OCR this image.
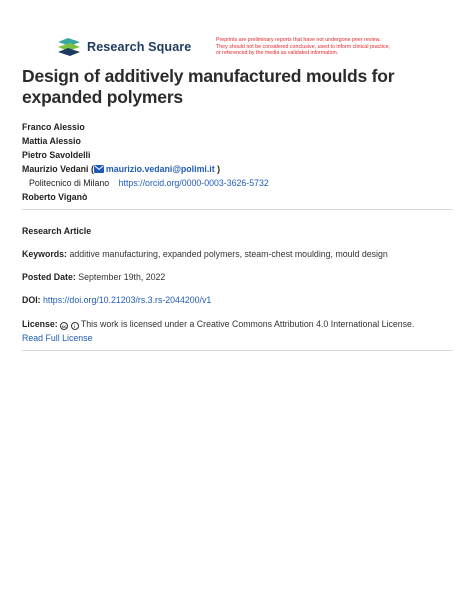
Research Square	Preprints are preliminary reports that have not undergone peer review.
They should not be considered conclusive, used to inform clinical practice,
or referenced by the media as validated information.
Design of additively manufactured moulds for expanded polymers
Franco Alessio
Mattia Alessio
Pietro Savoldelli
Maurizio Vedani ( maurizio.vedani@polimi.it )
Politecnico di Milano https://orcid.org/0000-0003-3626-5732
Roberto Viganò
Research Article
Keywords: additive manufacturing, expanded polymers, steam-chest moulding, mould design
Posted Date: September 19th, 2022
DOI: https://doi.org/10.21203/rs.3.rs-2044200/v1
License: cc i This work is licensed under a Creative Commons Attribution 4.0 International License.
Read Full License
